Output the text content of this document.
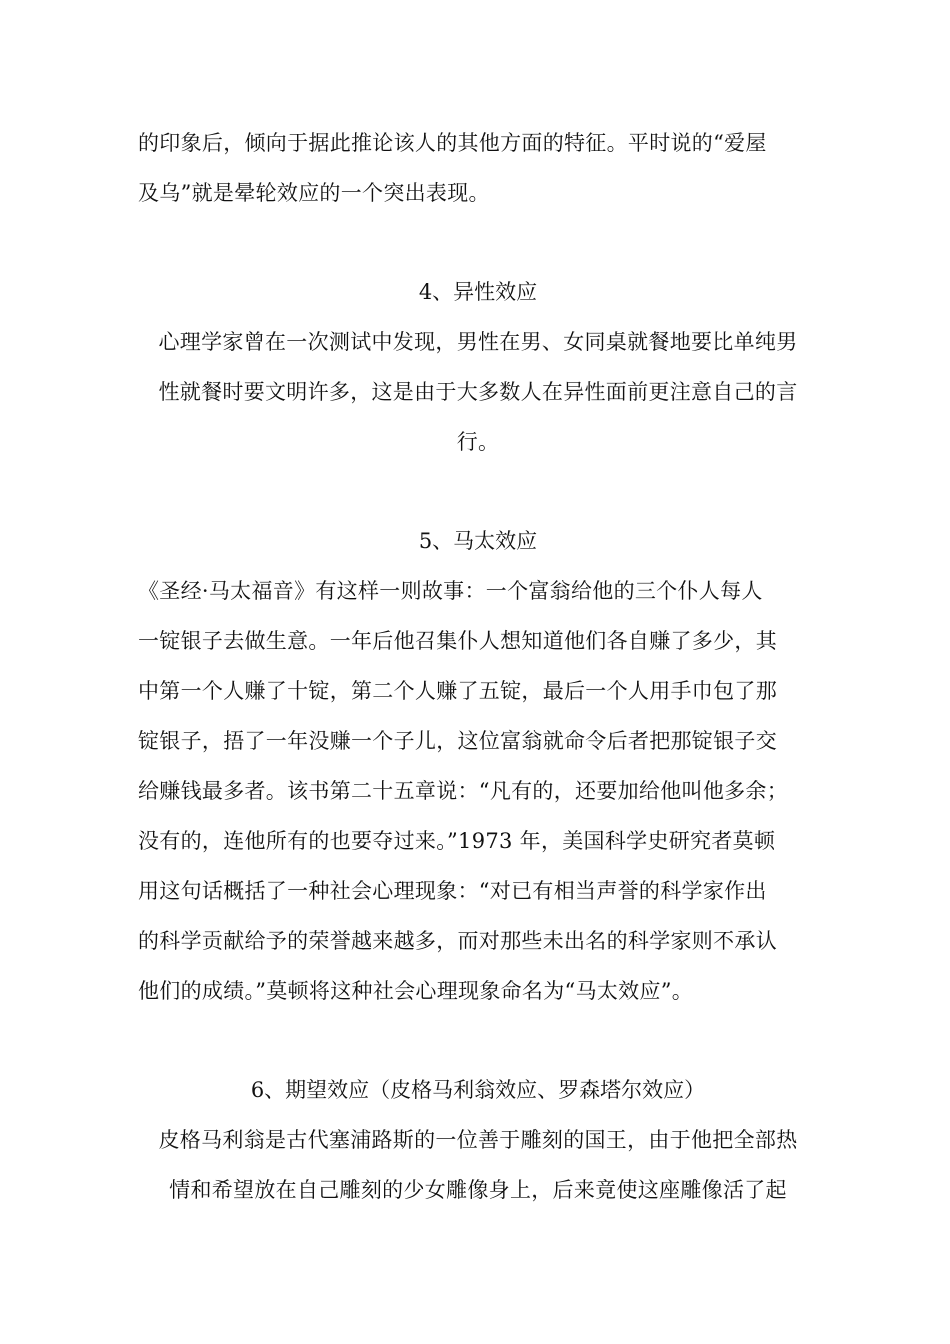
的印象后，倾向于据此推论该人的其他方面的特征。平时说的“爱屋
及乌”就是晕轮效应的一个突出表现。
4、异性效应
心理学家曾在一次测试中发现，男性在男、女同桌就餐地要比单纯男
性就餐时要文明许多，这是由于大多数人在异性面前更注意自己的言
行。
5、马太效应
《圣经·马太福音》有这样一则故事：一个富翁给他的三个仆人每人
一锭银子去做生意。一年后他召集仆人想知道他们各自赚了多少，其
中第一个人赚了十锭，第二个人赚了五锭，最后一个人用手巾包了那
锭银子，捂了一年没赚一个子儿，这位富翁就命令后者把那锭银子交
给赚钱最多者。该书第二十五章说：“凡有的，还要加给他叫他多余；
没有的，连他所有的也要夺过来。”1973 年，美国科学史研究者莫顿
用这句话概括了一种社会心理现象：“对已有相当声誉的科学家作出
的科学贡献给予的荣誉越来越多，而对那些未出名的科学家则不承认
他们的成绩。”莫顿将这种社会心理现象命名为“马太效应”。
6、期望效应（皮格马利翁效应、罗森塔尔效应）
皮格马利翁是古代塞浦路斯的一位善于雕刻的国王，由于他把全部热
情和希望放在自己雕刻的少女雕像身上，后来竟使这座雕像活了起
